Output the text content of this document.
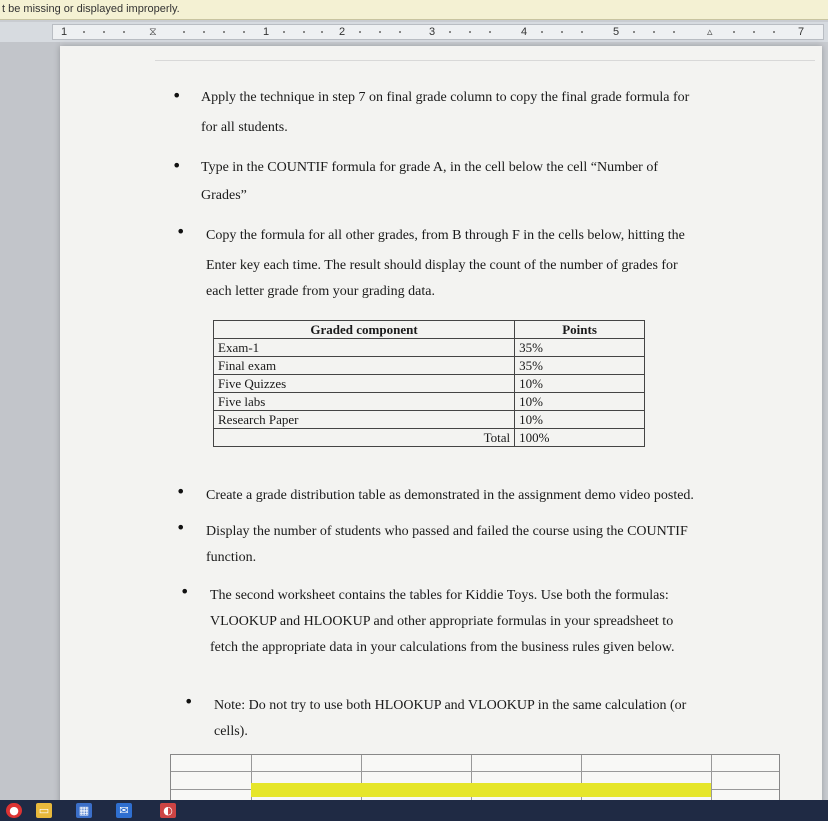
t be missing or displayed improperly.
1	⧖	1	2	3	4	5	▵	7
• Apply the technique in step 7 on final grade column to copy the final grade formula for
for all students.
• Type in the COUNTIF formula for grade A, in the cell below the cell “Number of
Grades”
• Copy the formula for all other grades, from B through F in the cells below, hitting the
Enter key each time. The result should display the count of the number of grades for
each letter grade from your grading data.
Graded component	Points
Exam-1	35%
Final exam	35%
Five Quizzes	10%
Five labs	10%
Research Paper	10%
Total	100%
• Create a grade distribution table as demonstrated in the assignment demo video posted.
• Display the number of students who passed and failed the course using the COUNTIF
function.
• The second worksheet contains the tables for Kiddie Toys. Use both the formulas:
VLOOKUP and HLOOKUP and other appropriate formulas in your spreadsheet to
fetch the appropriate data in your calculations from the business rules given below.
• Note: Do not try to use both HLOOKUP and VLOOKUP in the same calculation (or
cells).
● ▭	▦	✉	◐
